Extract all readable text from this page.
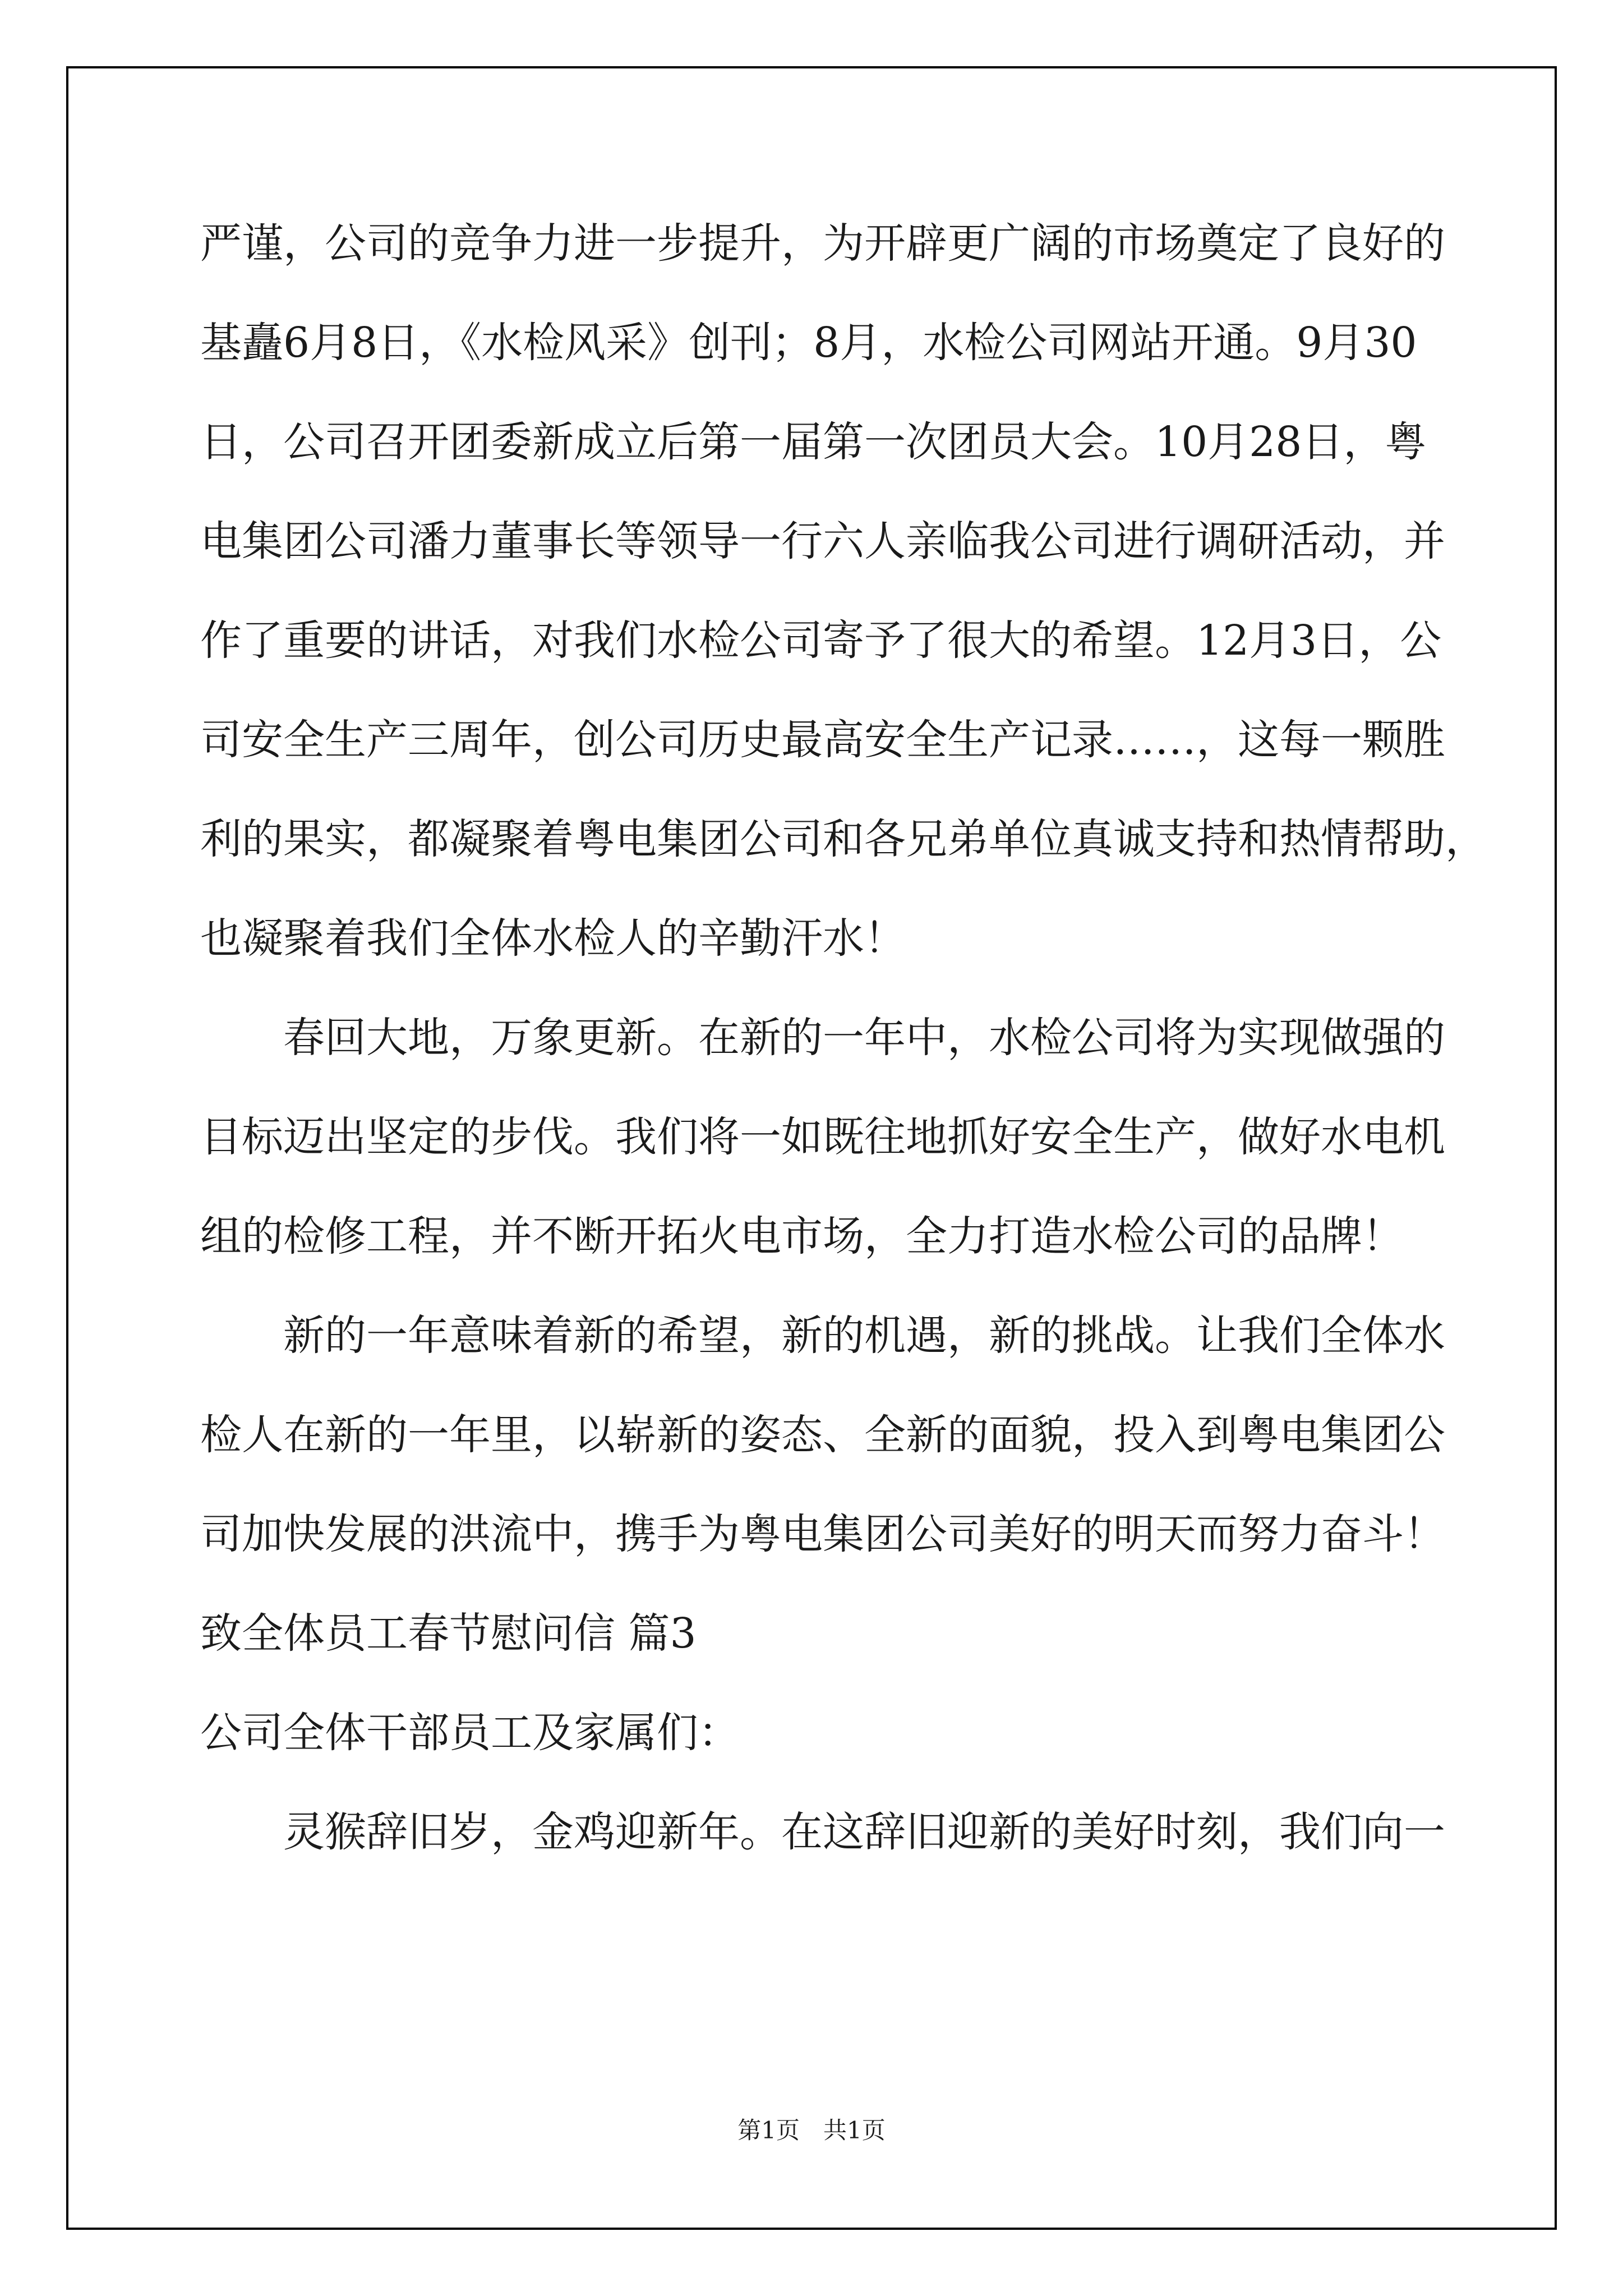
严谨，公司的竞争力进一步提升，为开辟更广阔的市场奠定了良好的
基矗6月8日，《水检风采》创刊；8月，水检公司网站开通。9月30
日，公司召开团委新成立后第一届第一次团员大会。10月28日，粤
电集团公司潘力董事长等领导一行六人亲临我公司进行调研活动，并
作了重要的讲话，对我们水检公司寄予了很大的希望。12月3日，公
司安全生产三周年，创公司历史最高安全生产记录……，这每一颗胜
利的果实，都凝聚着粤电集团公司和各兄弟单位真诚支持和热情帮助，
也凝聚着我们全体水检人的辛勤汗水！
春回大地，万象更新。在新的一年中，水检公司将为实现做强的
目标迈出坚定的步伐。我们将一如既往地抓好安全生产，做好水电机
组的检修工程，并不断开拓火电市场，全力打造水检公司的品牌！
新的一年意味着新的希望，新的机遇，新的挑战。让我们全体水
检人在新的一年里，以崭新的姿态、全新的面貌，投入到粤电集团公
司加快发展的洪流中，携手为粤电集团公司美好的明天而努力奋斗！
致全体员工春节慰问信 篇3
公司全体干部员工及家属们：
灵猴辞旧岁，金鸡迎新年。在这辞旧迎新的美好时刻，我们向一
第1页　共1页
